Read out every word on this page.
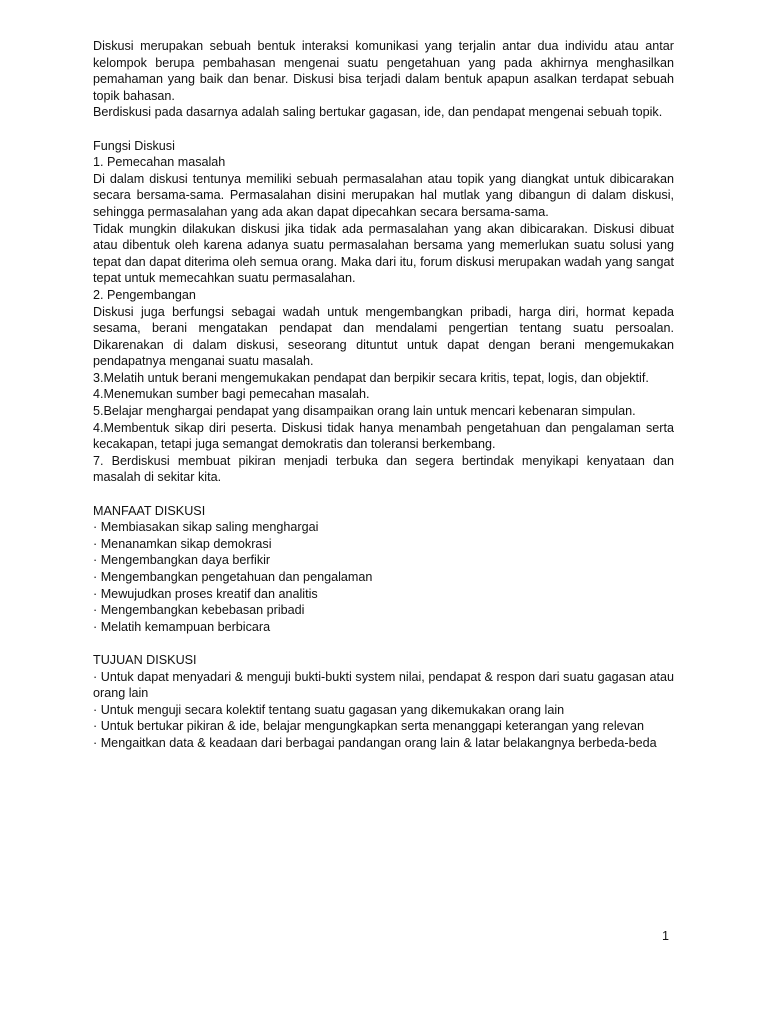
Diskusi merupakan sebuah bentuk interaksi komunikasi yang terjalin antar dua individu atau antar kelompok berupa pembahasan mengenai suatu pengetahuan yang pada akhirnya menghasilkan pemahaman yang baik dan benar. Diskusi bisa terjadi dalam bentuk apapun asalkan terdapat sebuah topik bahasan.

Berdiskusi pada dasarnya adalah saling bertukar gagasan, ide, dan pendapat mengenai sebuah topik.

Fungsi Diskusi

1. Pemecahan masalah

Di dalam diskusi tentunya memiliki sebuah permasalahan atau topik yang diangkat untuk dibicarakan secara bersama-sama. Permasalahan disini merupakan hal mutlak yang dibangun di dalam diskusi, sehingga permasalahan yang ada akan dapat dipecahkan secara bersama-sama.

Tidak mungkin dilakukan diskusi jika tidak ada permasalahan yang akan dibicarakan. Diskusi dibuat atau dibentuk oleh karena adanya suatu permasalahan bersama yang memerlukan suatu solusi yang tepat dan dapat diterima oleh semua orang. Maka dari itu, forum diskusi merupakan wadah yang sangat tepat untuk memecahkan suatu permasalahan.

2. Pengembangan

Diskusi juga berfungsi sebagai wadah untuk mengembangkan pribadi, harga diri, hormat kepada sesama, berani mengatakan pendapat dan mendalami pengertian tentang suatu persoalan. Dikarenakan di dalam diskusi, seseorang dituntut untuk dapat dengan berani mengemukakan pendapatnya menganai suatu masalah.

3.Melatih untuk berani mengemukakan pendapat dan berpikir secara kritis, tepat, logis, dan objektif.

4.Menemukan sumber bagi pemecahan masalah.

5.Belajar menghargai pendapat yang disampaikan orang lain untuk mencari kebenaran simpulan.

4.Membentuk sikap diri peserta. Diskusi tidak hanya menambah pengetahuan dan pengalaman serta kecakapan, tetapi juga semangat demokratis dan toleransi berkembang.

7. Berdiskusi membuat pikiran menjadi terbuka dan segera bertindak menyikapi kenyataan dan masalah di sekitar kita.

MANFAAT DISKUSI

· Membiasakan sikap saling menghargai

· Menanamkan sikap demokrasi

· Mengembangkan daya berfikir

· Mengembangkan pengetahuan dan pengalaman

· Mewujudkan proses kreatif dan analitis

· Mengembangkan kebebasan pribadi

· Melatih kemampuan berbicara

TUJUAN DISKUSI

· Untuk dapat menyadari & menguji bukti-bukti system nilai, pendapat & respon dari suatu gagasan atau orang lain

· Untuk menguji secara kolektif tentang suatu gagasan yang dikemukakan orang lain

· Untuk bertukar pikiran & ide, belajar mengungkapkan serta menanggapi keterangan yang relevan

· Mengaitkan data & keadaan dari berbagai pandangan orang lain & latar belakangnya berbeda-beda

1
